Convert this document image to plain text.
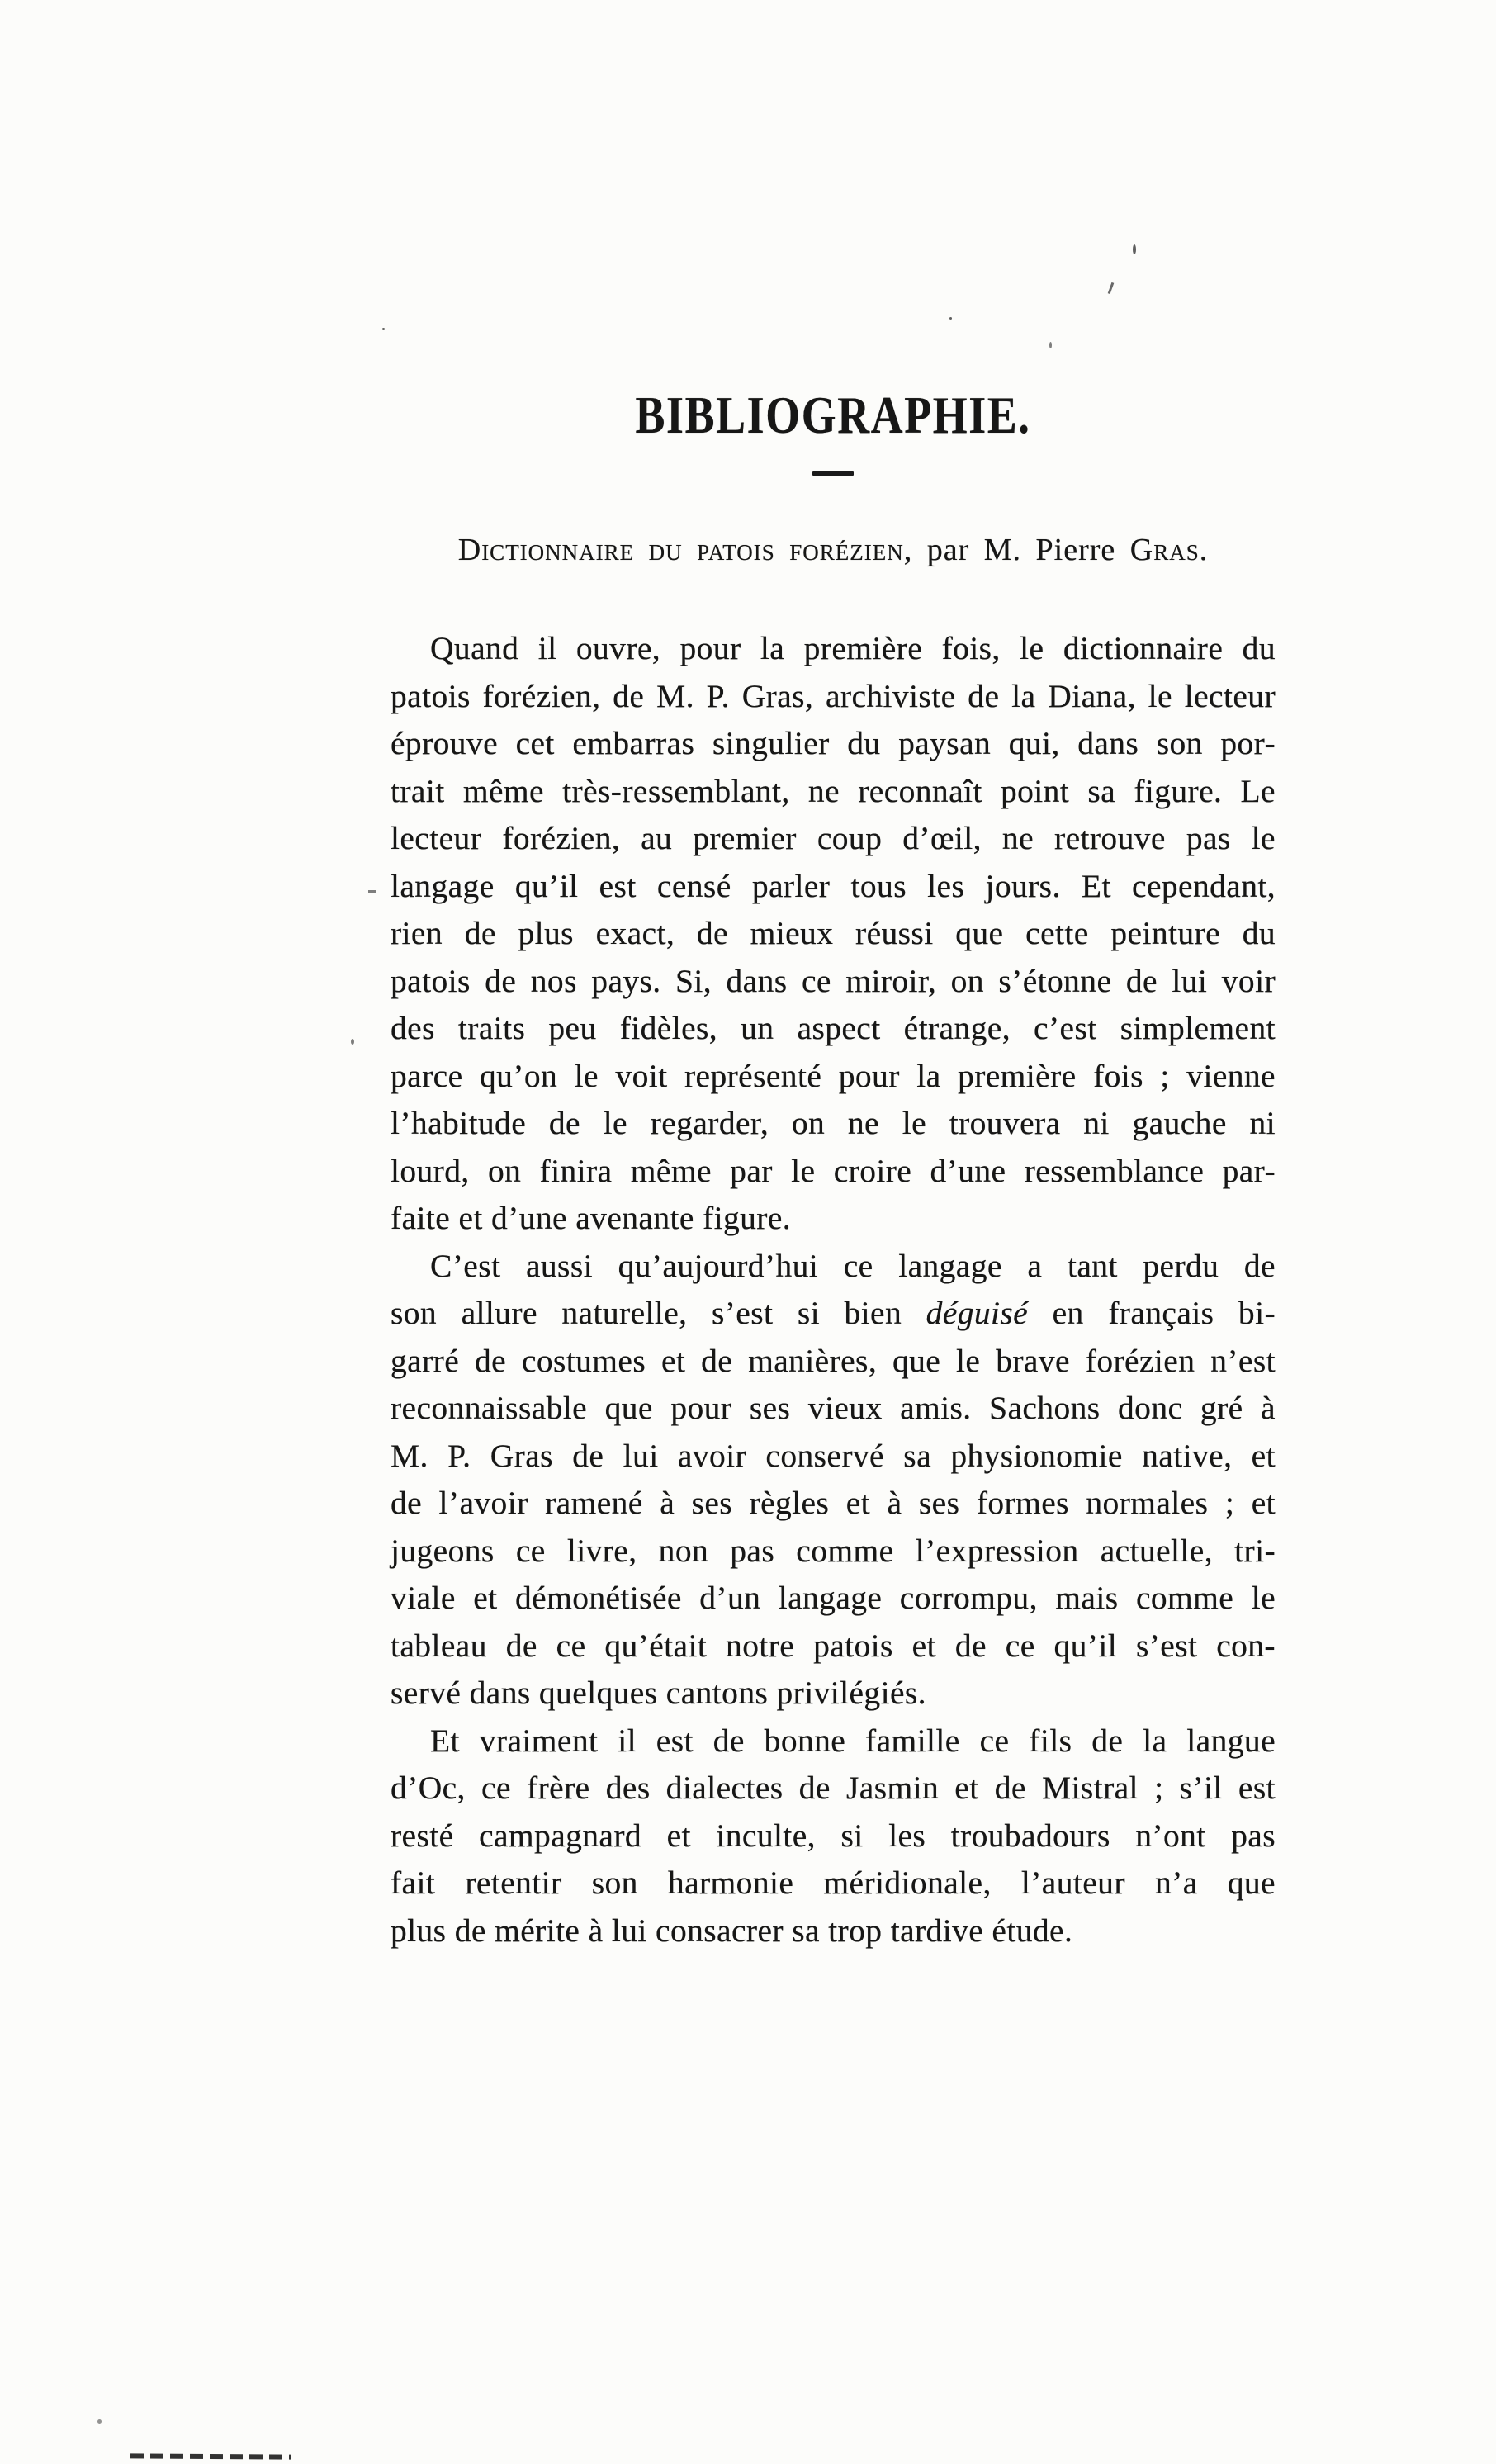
BIBLIOGRAPHIE.
Dictionnaire du patois forézien, par M. Pierre Gras.
Quand il ouvre, pour la première fois, le dictionnaire du
patois forézien, de M. P. Gras, archiviste de la Diana, le lecteur
éprouve cet embarras singulier du paysan qui, dans son por-
trait même très-ressemblant, ne reconnaît point sa figure. Le
lecteur forézien, au premier coup d’œil, ne retrouve pas le
langage qu’il est censé parler tous les jours. Et cependant,
rien de plus exact, de mieux réussi que cette peinture du
patois de nos pays. Si, dans ce miroir, on s’étonne de lui voir
des traits peu fidèles, un aspect étrange, c’est simplement
parce qu’on le voit représenté pour la première fois ; vienne
l’habitude de le regarder, on ne le trouvera ni gauche ni
lourd, on finira même par le croire d’une ressemblance par-
faite et d’une avenante figure.
C’est aussi qu’aujourd’hui ce langage a tant perdu de
son allure naturelle, s’est si bien déguisé en français bi-
garré de costumes et de manières, que le brave forézien n’est
reconnaissable que pour ses vieux amis. Sachons donc gré à
M. P. Gras de lui avoir conservé sa physionomie native, et
de l’avoir ramené à ses règles et à ses formes normales ; et
jugeons ce livre, non pas comme l’expression actuelle, tri-
viale et démonétisée d’un langage corrompu, mais comme le
tableau de ce qu’était notre patois et de ce qu’il s’est con-
servé dans quelques cantons privilégiés.
Et vraiment il est de bonne famille ce fils de la langue
d’Oc, ce frère des dialectes de Jasmin et de Mistral ; s’il est
resté campagnard et inculte, si les troubadours n’ont pas
fait retentir son harmonie méridionale, l’auteur n’a que
plus de mérite à lui consacrer sa trop tardive étude.
